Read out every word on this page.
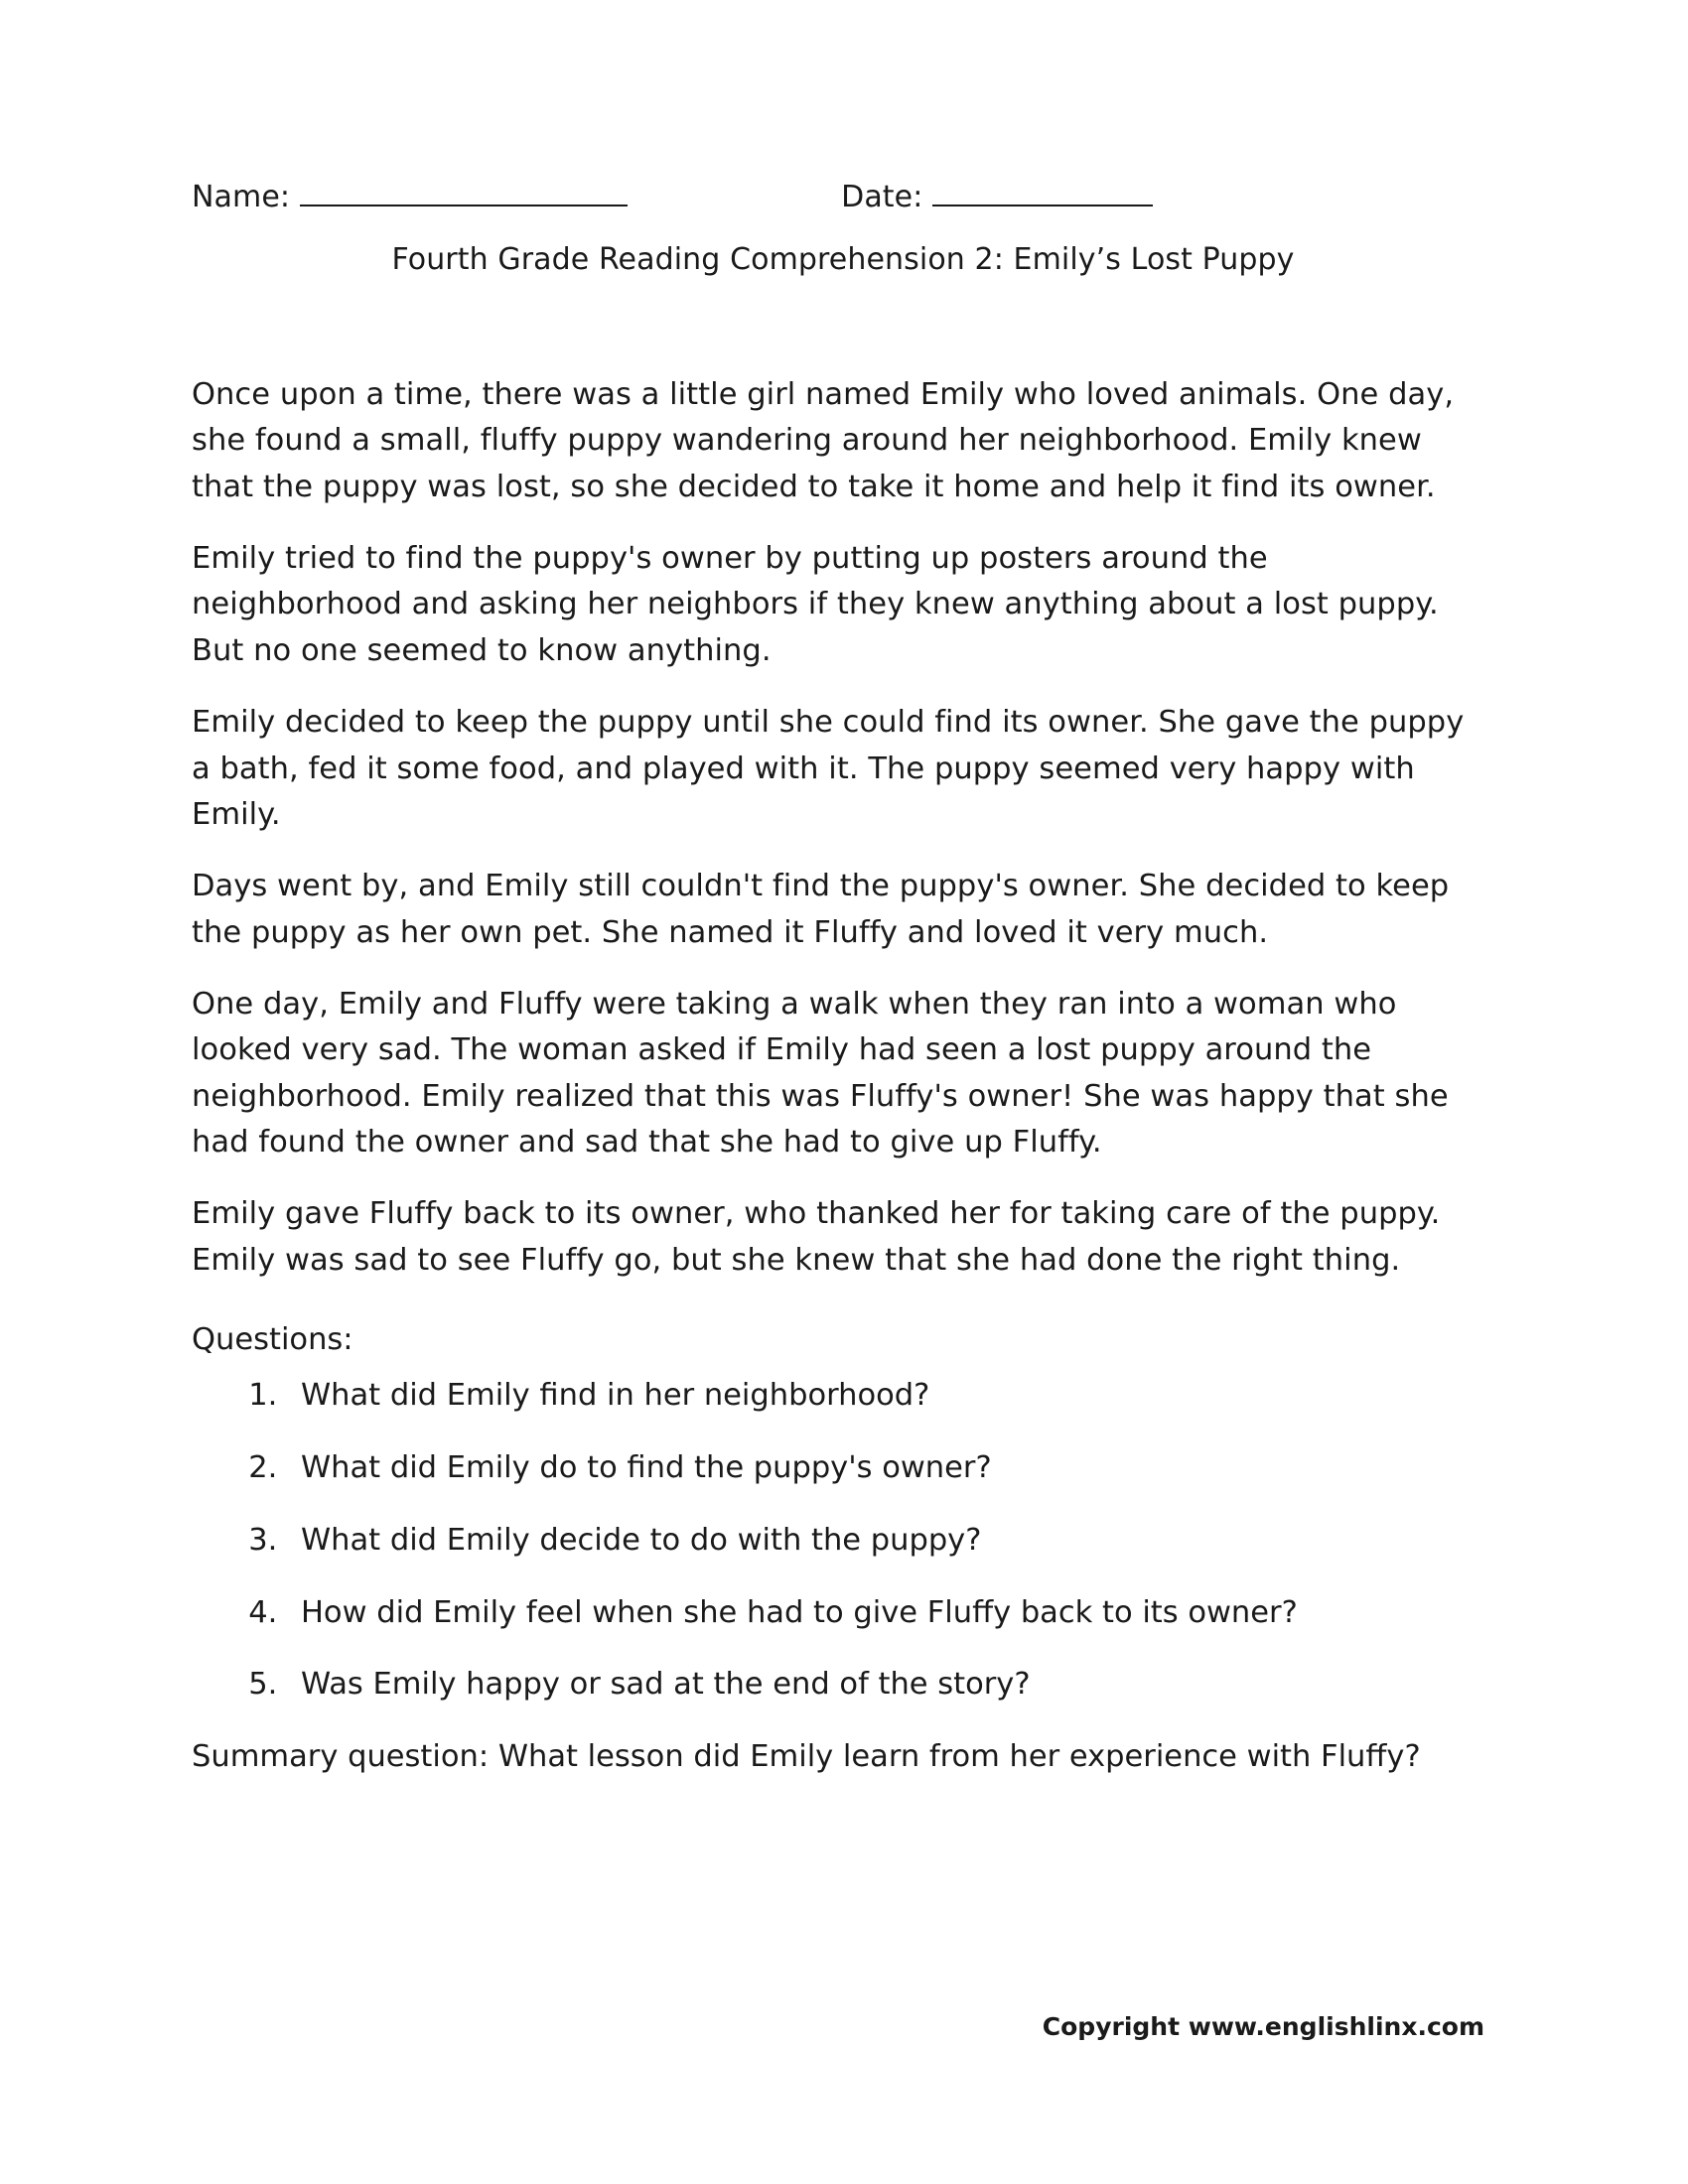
Name:	Date:
Fourth Grade Reading Comprehension 2: Emily’s Lost Puppy

Once upon a time, there was a little girl named Emily who loved animals. One day, she found a small, fluffy puppy wandering around her neighborhood. Emily knew that the puppy was lost, so she decided to take it home and help it find its owner.

Emily tried to find the puppy's owner by putting up posters around the neighborhood and asking her neighbors if they knew anything about a lost puppy. But no one seemed to know anything.

Emily decided to keep the puppy until she could find its owner. She gave the puppy a bath, fed it some food, and played with it. The puppy seemed very happy with Emily.

Days went by, and Emily still couldn't find the puppy's owner. She decided to keep the puppy as her own pet. She named it Fluffy and loved it very much.

One day, Emily and Fluffy were taking a walk when they ran into a woman who looked very sad. The woman asked if Emily had seen a lost puppy around the neighborhood. Emily realized that this was Fluffy's owner! She was happy that she had found the owner and sad that she had to give up Fluffy.

Emily gave Fluffy back to its owner, who thanked her for taking care of the puppy. Emily was sad to see Fluffy go, but she knew that she had done the right thing.

Questions:
1. What did Emily find in her neighborhood?
2. What did Emily do to find the puppy's owner?
3. What did Emily decide to do with the puppy?
4. How did Emily feel when she had to give Fluffy back to its owner?
5. Was Emily happy or sad at the end of the story?
Summary question: What lesson did Emily learn from her experience with Fluffy?
Copyright www.englishlinx.com
